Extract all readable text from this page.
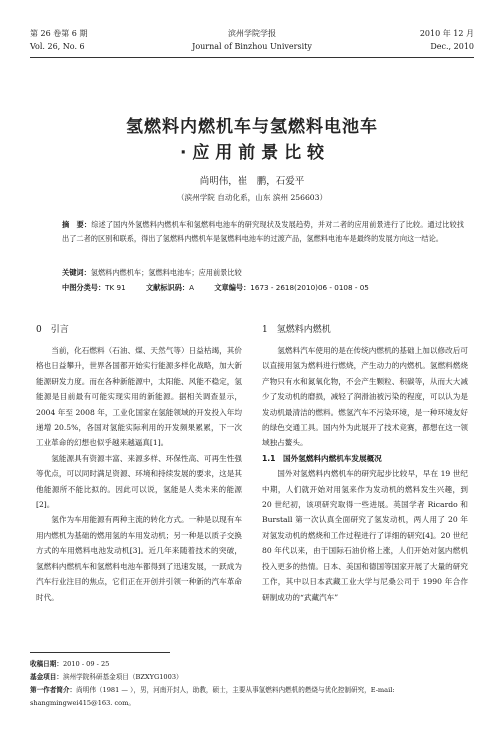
第 26 卷第 6 期	滨州学院学报	2010 年 12 月
Vol. 26, No. 6	Journal of Binzhou University	Dec., 2010
氢燃料内燃机车与氢燃料电池车
· 应 用 前 景 比 较
尚明伟，崔　鹏，石爱平
（滨州学院 自动化系，山东 滨州 256603）
摘　要：综述了国内外氢燃料内燃机车和氢燃料电池车的研究现状及发展趋势，并对二者的应用前景进行了比较。通过比较找出了二者的区别和联系，得出了氢燃料内燃机车是氢燃料电池车的过渡产品，氢燃料电池车是最终的发展方向这一结论。
关键词：氢燃料内燃机车；氢燃料电池车；应用前景比较
中图分类号：TK 91	文献标识码：A	文章编号：1673 - 2618(2010)06 - 0108 - 05
0　引言

当前，化石燃料（石油、煤、天然气等）日益枯竭，其价格也日益攀升，世界各国都开始实行能源多样化战略，加大新能源研发力度。而在各种新能源中，太阳能、风能不稳定，氢能源是目前最有可能实现实用的新能源。据相关调查显示，2004 年至 2008 年，工业化国家在氢能领域的开发投入年均递增 20.5%，各国对氢能实际利用的开发频果累累，下一次工业革命的幻想也似乎越来越逼真[1]。

氢能源具有资源丰富、来源多样、环保性高、可再生性强等优点，可以同时满足资源、环境和持续发展的要求，这是其他能源所不能比拟的。因此可以说，氢能是人类未来的能源[2]。

氢作为车用能源有两种主流的转化方式。一种是以现有车用内燃机为基础的燃用氢的车用发动机；另一种是以质子交换方式的车用燃料电池发动机[3]。近几年来随着技术的突破，氢燃料内燃机车和氢燃料电池车都得到了迅速发展，一跃成为汽车行业注目的焦点，它们正在开创并引领一种新的汽车革命时代。

1　氢燃料内燃机

氢燃料汽车使用的是在传统内燃机的基础上加以修改后可以直接用氢为燃料进行燃烧，产生动力的内燃机。氢燃料燃烧产物只有水和氮氧化物，不会产生颗粒、积碳等，从而大大减少了发动机的磨损，减轻了润滑油被污染的程度，可以认为是发动机最清洁的燃料。燃氢汽车不污染环境，是一种环境友好的绿色交通工具。国内外为此展开了技术竞赛，都想在这一领域独占鳌头。

1.1　国外氢燃料内燃机车发展概况

国外对氢燃料内燃机车的研究起步比较早，早在 19 世纪中期，人们就开始对用氢来作为发动机的燃料发生兴趣，到 20 世纪初，该项研究取得一些进展。英国学者 Ricardo 和 Burstall 第一次认真全面研究了氢发动机，两人用了 20 年对氢发动机的燃烧和工作过程进行了详细的研究[4]。20 世纪 80 年代以来，由于国际石油价格上涨，人们开始对氢内燃机投入更多的热情。日本、美国和德国等国家开展了大量的研究工作，其中以日本武藏工业大学与尼桑公司于 1990 年合作研制成功的“武藏汽车”

收稿日期：2010 - 09 - 25
基金项目：滨州学院科研基金项目（BZXYG1003）
第一作者简介：尚明伟（1981 — ），男，河南开封人，助教，硕士，主要从事氢燃料内燃机的燃烧与优化控制研究，E-mail: shangmingwei415@163. com。
